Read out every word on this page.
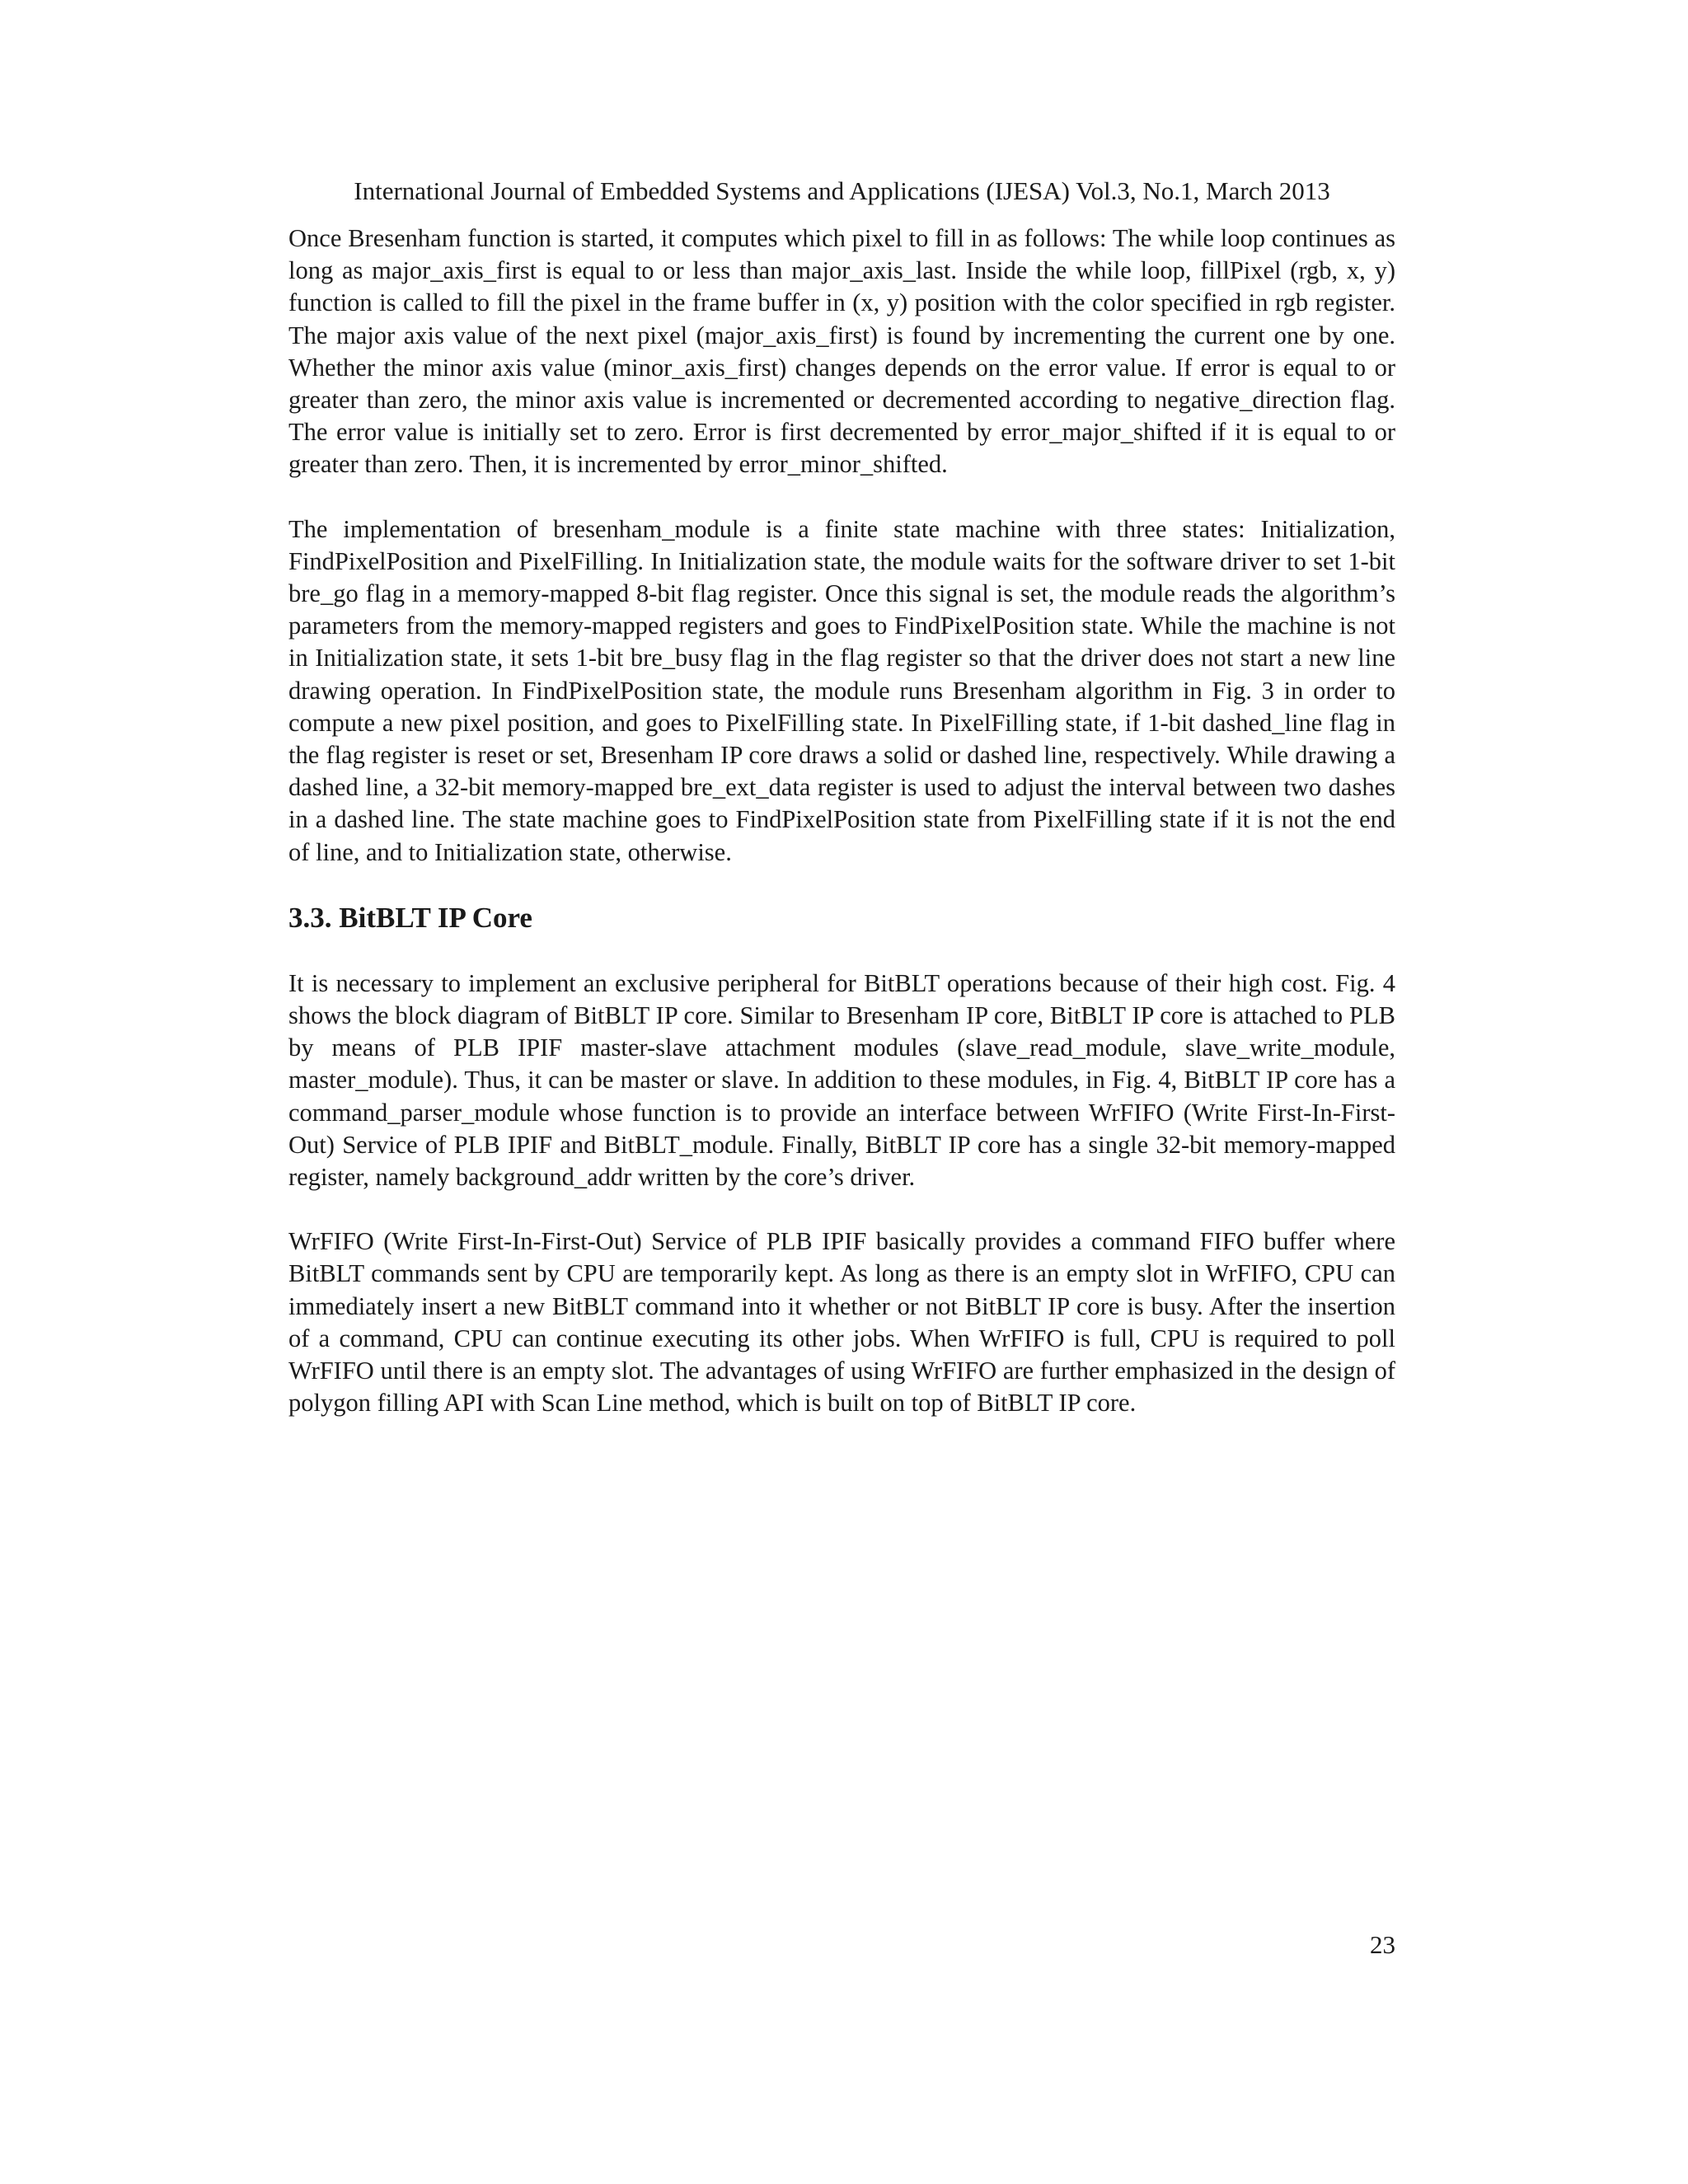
International Journal of Embedded Systems and Applications (IJESA) Vol.3, No.1, March 2013

Once Bresenham function is started, it computes which pixel to fill in as follows: The while loop continues as long as major_axis_first is equal to or less than major_axis_last. Inside the while loop, fillPixel (rgb, x, y) function is called to fill the pixel in the frame buffer in (x, y) position with the color specified in rgb register. The major axis value of the next pixel (major_axis_first) is found by incrementing the current one by one. Whether the minor axis value (minor_axis_first) changes depends on the error value. If error is equal to or greater than zero, the minor axis value is incremented or decremented according to negative_direction flag. The error value is initially set to zero. Error is first decremented by error_major_shifted if it is equal to or greater than zero. Then, it is incremented by error_minor_shifted.

The implementation of bresenham_module is a finite state machine with three states: Initialization, FindPixelPosition and PixelFilling. In Initialization state, the module waits for the software driver to set 1-bit bre_go flag in a memory-mapped 8-bit flag register. Once this signal is set, the module reads the algorithm’s parameters from the memory-mapped registers and goes to FindPixelPosition state. While the machine is not in Initialization state, it sets 1-bit bre_busy flag in the flag register so that the driver does not start a new line drawing operation. In FindPixelPosition state, the module runs Bresenham algorithm in Fig. 3 in order to compute a new pixel position, and goes to PixelFilling state. In PixelFilling state, if 1-bit dashed_line flag in the flag register is reset or set, Bresenham IP core draws a solid or dashed line, respectively. While drawing a dashed line, a 32-bit memory-mapped bre_ext_data register is used to adjust the interval between two dashes in a dashed line. The state machine goes to FindPixelPosition state from PixelFilling state if it is not the end of line, and to Initialization state, otherwise.

3.3. BitBLT IP Core

It is necessary to implement an exclusive peripheral for BitBLT operations because of their high cost. Fig. 4 shows the block diagram of BitBLT IP core. Similar to Bresenham IP core, BitBLT IP core is attached to PLB by means of PLB IPIF master-slave attachment modules (slave_read_module, slave_write_module, master_module). Thus, it can be master or slave. In addition to these modules, in Fig. 4, BitBLT IP core has a command_parser_module whose function is to provide an interface between WrFIFO (Write First-In-First-Out) Service of PLB IPIF and BitBLT_module. Finally, BitBLT IP core has a single 32-bit memory-mapped register, namely background_addr written by the core’s driver.

WrFIFO (Write First-In-First-Out) Service of PLB IPIF basically provides a command FIFO buffer where BitBLT commands sent by CPU are temporarily kept. As long as there is an empty slot in WrFIFO, CPU can immediately insert a new BitBLT command into it whether or not BitBLT IP core is busy. After the insertion of a command, CPU can continue executing its other jobs. When WrFIFO is full, CPU is required to poll WrFIFO until there is an empty slot. The advantages of using WrFIFO are further emphasized in the design of polygon filling API with Scan Line method, which is built on top of BitBLT IP core.

23
